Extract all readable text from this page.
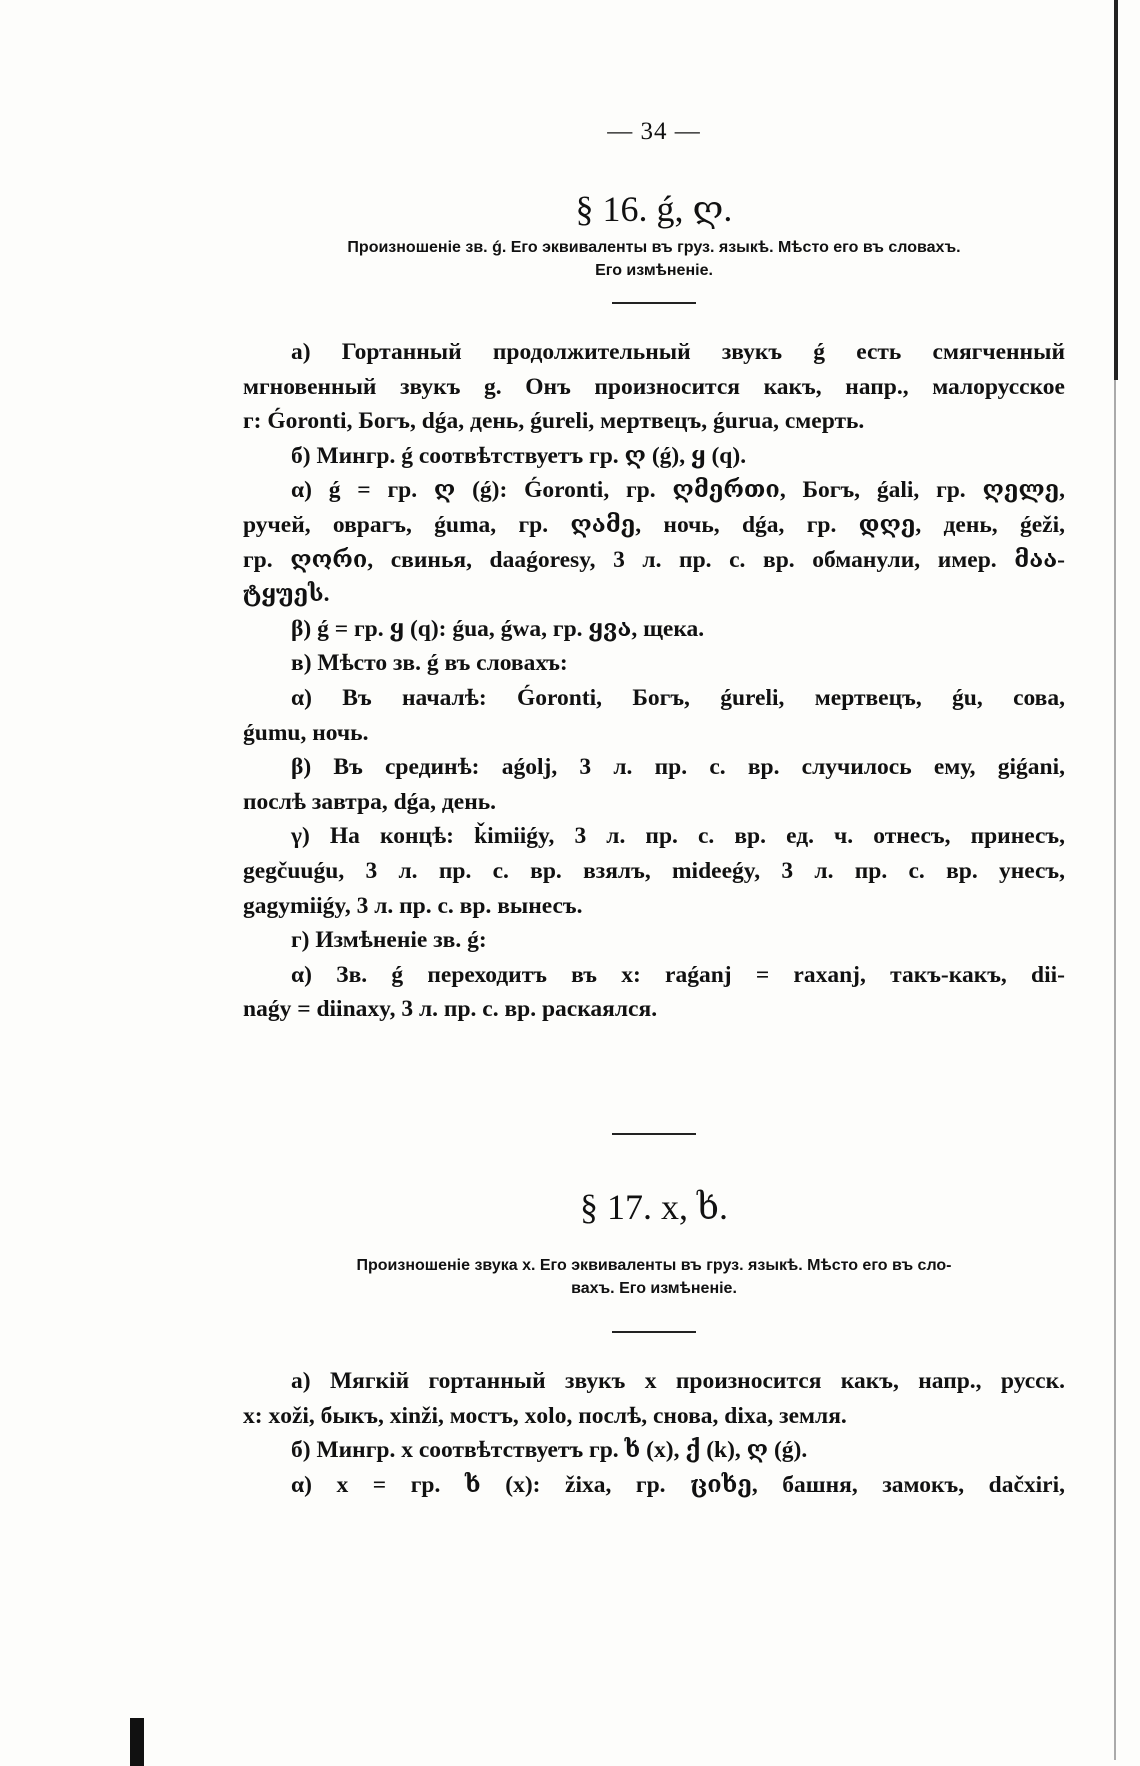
— 34 —
§ 16. ǵ, ღ.
Произношеніе зв. ǵ. Его эквиваленты въ груз. языкѣ. Мѣсто его въ словахъ.
Его измѣненіе.
а) Гортанный продолжительный звукъ ǵ есть смягченный
мгновенный звукъ g. Онъ произносится какъ, напр., малорусское
г: Ǵoronti, Богъ, dǵa, день, ǵureli, мертвецъ, ǵurua, смерть.
б) Мингр. ǵ соотвѣтствуетъ гр. ღ (ǵ), ყ (q).
α) ǵ = гр. ღ (ǵ): Ǵoronti, гр. ღმერთი, Богъ, ǵali, гр. ღელე,
ручей, оврагъ, ǵuma, гр. ღამე, ночь, dǵa, гр. დღე, день, ǵeži,
гр. ღორი, свинья, daaǵoresy, 3 л. пр. с. вр. обманули, имер. მაა-
ტყუეს.
β) ǵ = гр. ყ (q): ǵua, ǵwa, гр. ყვა, щека.
в) Мѣсто зв. ǵ въ словахъ:
α) Въ началѣ: Ǵoronti, Богъ, ǵureli, мертвецъ, ǵu, сова,
ǵumu, ночь.
β) Въ срединѣ: aǵolj, 3 л. пр. с. вр. случилось ему, giǵani,
послѣ завтра, dǵa, день.
γ) На концѣ: ǩimiiǵy, 3 л. пр. с. вр. ед. ч. отнесъ, принесъ,
gegčuuǵu, 3 л. пр. с. вр. взялъ, mideeǵy, 3 л. пр. с. вр. унесъ,
gagymiiǵy, 3 л. пр. с. вр. вынесъ.
г) Измѣненіе зв. ǵ:
α) Зв. ǵ переходитъ въ x: raǵanj = raxanj, такъ-какъ, dii-
naǵy = diinaxy, 3 л. пр. с. вр. раскаялся.
§ 17. x, ხ.
Произношеніе звука x. Его эквиваленты въ груз. языкѣ. Мѣсто его въ сло-
вахъ. Его измѣненіе.
а) Мягкій гортанный звукъ x произносится какъ, напр., русск.
x: xoži, быкъ, xinži, мостъ, xolo, послѣ, снова, dixa, земля.
б) Мингр. x соотвѣтствуетъ гр. ხ (x), ქ (k), ღ (ǵ).
α) x = гр. ხ (x): žixa, гр. ციხე, башня, замокъ, dačxiri,
